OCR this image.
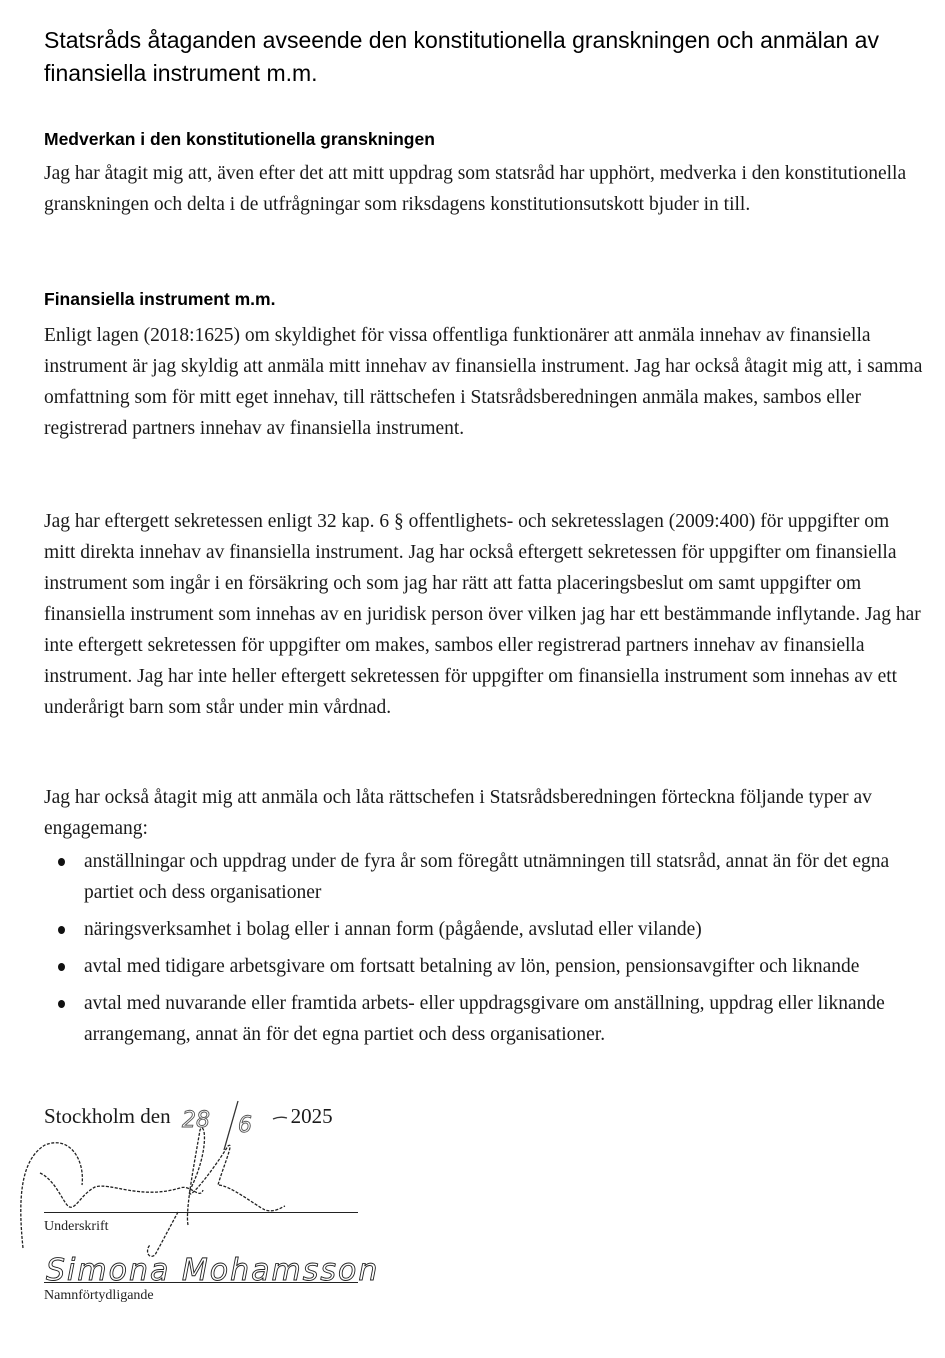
Statsråds åtaganden avseende den konstitutionella granskningen och anmälan av finansiella instrument m.m.
Medverkan i den konstitutionella granskningen

Jag har åtagit mig att, även efter det att mitt uppdrag som statsråd har upphört, medverka i den konstitutionella granskningen och delta i de utfrågningar som riksdagens konstitutionsutskott bjuder in till.

Finansiella instrument m.m.

Enligt lagen (2018:1625) om skyldighet för vissa offentliga funktionärer att anmäla innehav av finansiella instrument är jag skyldig att anmäla mitt innehav av finansiella instrument. Jag har också åtagit mig att, i samma omfattning som för mitt eget innehav, till rättschefen i Statsrådsberedningen anmäla makes, sambos eller registrerad partners innehav av finansiella instrument.

Jag har eftergett sekretessen enligt 32 kap. 6 § offentlighets- och sekretesslagen (2009:400) för uppgifter om mitt direkta innehav av finansiella instrument. Jag har också eftergett sekretessen för uppgifter om finansiella instrument som ingår i en försäkring och som jag har rätt att fatta placeringsbeslut om samt uppgifter om finansiella instrument som innehas av en juridisk person över vilken jag har ett bestämmande inflytande. Jag har inte eftergett sekretessen för uppgifter om makes, sambos eller registrerad partners innehav av finansiella instrument. Jag har inte heller eftergett sekretessen för uppgifter om finansiella instrument som innehas av ett underårigt barn som står under min vårdnad.

Jag har också åtagit mig att anmäla och låta rättschefen i Statsrådsberedningen förteckna följande typer av engagemang:

anställningar och uppdrag under de fyra år som föregått utnämningen till statsråd, annat än för det egna partiet och dess organisationer
näringsverksamhet i bolag eller i annan form (pågående, avslutad eller vilande)
avtal med tidigare arbetsgivare om fortsatt betalning av lön, pension, pensionsavgifter och liknande
avtal med nuvarande eller framtida arbets- eller uppdragsgivare om anställning, uppdrag eller liknande arrangemang, annat än för det egna partiet och dess organisationer.
Stockholm den	2025
Underskrift
Namnförtydligande
28 6
Simona Mohamsson
